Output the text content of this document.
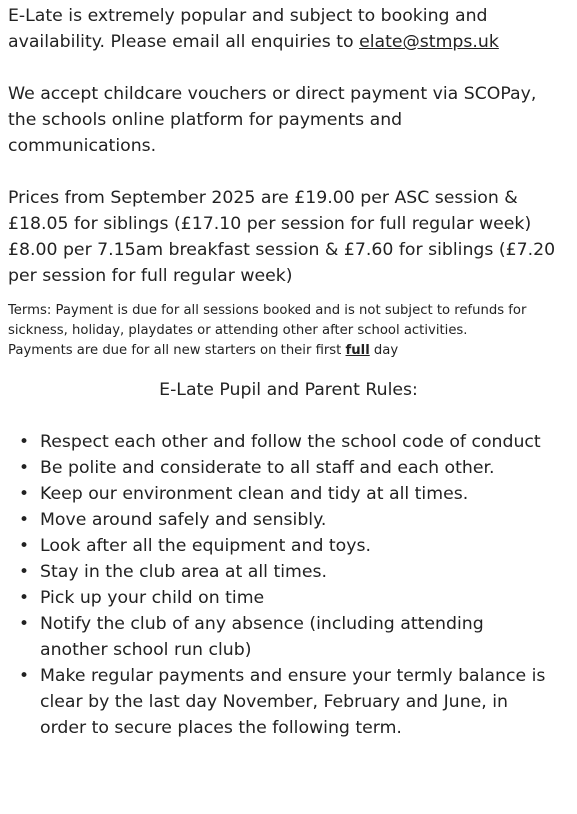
E-Late is extremely popular and subject to booking and
availability. Please email all enquiries to elate@stmps.uk
We accept childcare vouchers or direct payment via SCOPay,
the schools online platform for payments and
communications.
Prices from September 2025 are £19.00 per ASC session &
£18.05 for siblings (£17.10 per session for full regular week)
£8.00 per 7.15am breakfast session & £7.60 for siblings (£7.20
per session for full regular week)
Terms: Payment is due for all sessions booked and is not subject to refunds for
sickness, holiday, playdates or attending other after school activities.
Payments are due for all new starters on their first full day
E-Late Pupil and Parent Rules:
• Respect each other and follow the school code of conduct
• Be polite and considerate to all staff and each other.
• Keep our environment clean and tidy at all times.
• Move around safely and sensibly.
• Look after all the equipment and toys.
• Stay in the club area at all times.
• Pick up your child on time
• Notify the club of any absence (including attending
another school run club)
• Make regular payments and ensure your termly balance is
clear by the last day November, February and June, in
order to secure places the following term.
